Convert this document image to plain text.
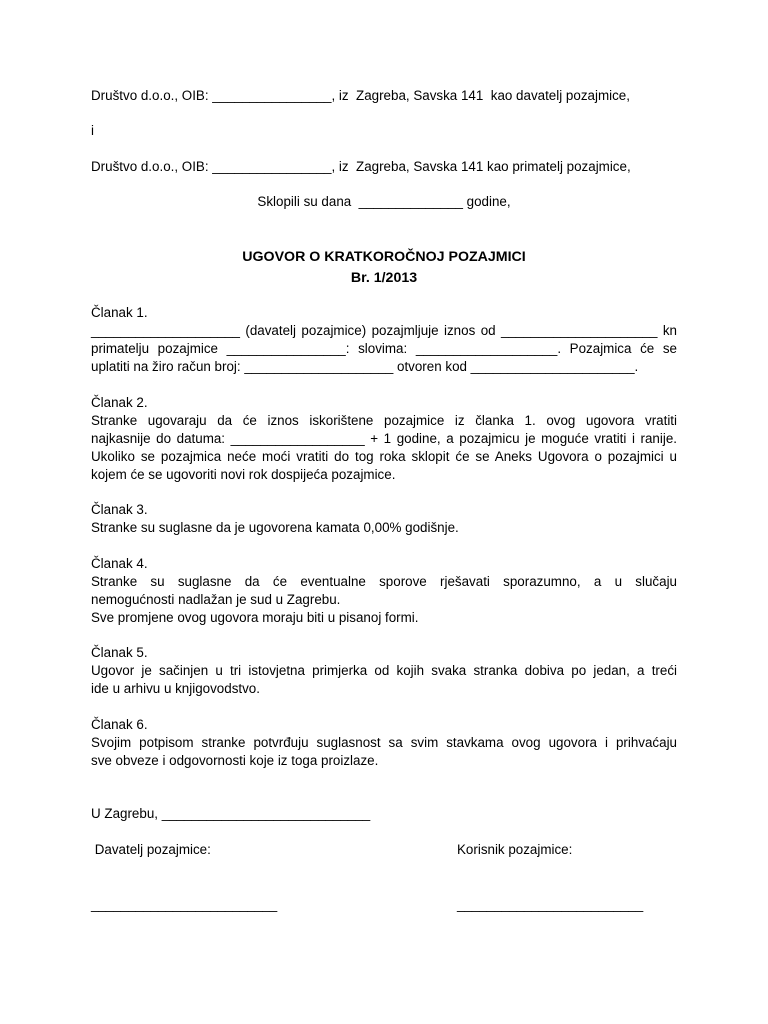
Društvo d.o.o., OIB: ________________, iz  Zagreba, Savska 141  kao davatelj pozajmice,
i
Društvo d.o.o., OIB: ________________, iz  Zagreba, Savska 141 kao primatelj pozajmice,
Sklopili su dana  ______________ godine,
UGOVOR O KRATKOROČNOJ POZAJMICI
Br. 1/2013
Članak 1.
____________________ (davatelj pozajmice) pozajmljuje iznos od _____________________ kn
primatelju pozajmice ________________: slovima: ___________________. Pozajmica će se
uplatiti na žiro račun broj: ____________________ otvoren kod ______________________.
Članak 2.
Stranke ugovaraju da će iznos iskorištene pozajmice iz članka 1. ovog ugovora vratiti
najkasnije do datuma: __________________ + 1 godine, a pozajmicu je moguće vratiti i ranije.
Ukoliko se pozajmica neće moći vratiti do tog roka sklopit će se Aneks Ugovora o pozajmici u
kojem će se ugovoriti novi rok dospijeća pozajmice.
Članak 3.
Stranke su suglasne da je ugovorena kamata 0,00% godišnje.
Članak 4.
Stranke su suglasne da će eventualne sporove rješavati sporazumno, a u slučaju
nemogućnosti nadlažan je sud u Zagrebu.
Sve promjene ovog ugovora moraju biti u pisanoj formi.
Članak 5.
Ugovor je sačinjen u tri istovjetna primjerka od kojih svaka stranka dobiva po jedan, a treći
ide u arhivu u knjigovodstvo.
Članak 6.
Svojim potpisom stranke potvrđuju suglasnost sa svim stavkama ovog ugovora i prihvaćaju
sve obveze i odgovornosti koje iz toga proizlaze.
U Zagrebu, ____________________________
Davatelj pozajmice:	Korisnik pozajmice:
_________________________	_________________________
